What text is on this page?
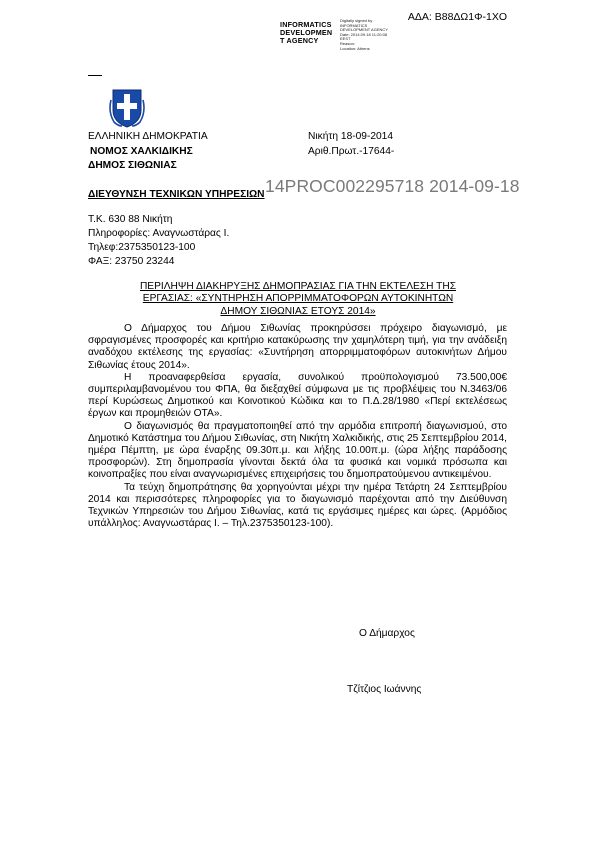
ΑΔΑ: Β88ΔΩ1Φ-1ΧΟ
INFORMATICS
DEVELOPMEN
T AGENCY
Digitally signed by
INFORMATICS
DEVELOPMENT AGENCY
Date: 2014.09.18 11:20:08
EEST
Reason:
Location: Athens
ΕΛΛΗΝΙΚΗ ΔΗΜΟΚΡΑΤΙΑ
ΝΟΜΟΣ ΧΑΛΚΙΔΙΚΗΣ
ΔΗΜΟΣ ΣΙΘΩΝΙΑΣ
ΔΙΕΥΘΥΝΣΗ ΤΕΧΝΙΚΩΝ ΥΠΗΡΕΣΙΩΝ
Νικήτη 18-09-2014
Αριθ.Πρωτ.-17644-
14PROC002295718 2014-09-18
Τ.Κ. 630 88 Νικήτη
Πληροφορίες: Αναγνωστάρας Ι.
Τηλεφ:2375350123-100
ΦΑΞ: 23750 23244
ΠΕΡΙΛΗΨΗ ΔΙΑΚΗΡΥΞΗΣ ΔΗΜΟΠΡΑΣΙΑΣ ΓΙΑ ΤΗΝ ΕΚΤΕΛΕΣΗ ΤΗΣ
ΕΡΓΑΣΙΑΣ: «ΣΥΝΤΗΡΗΣΗ ΑΠΟΡΡΙΜΜΑΤΟΦΟΡΩΝ ΑΥΤΟΚΙΝΗΤΩΝ
ΔΗΜΟΥ ΣΙΘΩΝΙΑΣ ΕΤΟΥΣ 2014»

Ο Δήμαρχος του Δήμου Σιθωνίας προκηρύσσει πρόχειρο διαγωνισμό, με σφραγισμένες προσφορές και κριτήριο κατακύρωσης την χαμηλότερη τιμή, για την ανάδειξη αναδόχου εκτέλεσης της εργασίας: «Συντήρηση απορριμματοφόρων αυτοκινήτων Δήμου Σιθωνίας έτους 2014».

Η προαναφερθείσα εργασία, συνολικού προϋπολογισμού 73.500,00€ συμπεριλαμβανομένου του ΦΠΑ, θα διεξαχθεί σύμφωνα με τις προβλέψεις του Ν.3463/06 περί Κυρώσεως Δημοτικού και Κοινοτικού Κώδικα και το Π.Δ.28/1980 «Περί εκτελέσεως έργων και προμηθειών ΟΤΑ».

Ο διαγωνισμός θα πραγματοποιηθεί από την αρμόδια επιτροπή διαγωνισμού, στο Δημοτικό Κατάστημα του Δήμου Σιθωνίας, στη Νικήτη Χαλκιδικής, στις 25 Σεπτεμβρίου 2014, ημέρα Πέμπτη, με ώρα έναρξης 09.30π.μ. και λήξης 10.00π.μ. (ώρα λήξης παράδοσης προσφορών). Στη δημοπρασία γίνονται δεκτά όλα τα φυσικά και νομικά πρόσωπα και κοινοπραξίες που είναι αναγνωρισμένες επιχειρήσεις του δημοπρατούμενου αντικειμένου.

Τα τεύχη δημοπράτησης θα χορηγούνται μέχρι την ημέρα Τετάρτη 24 Σεπτεμβρίου 2014 και περισσότερες πληροφορίες για το διαγωνισμό παρέχονται από την Διεύθυνση Τεχνικών Υπηρεσιών του Δήμου Σιθωνίας, κατά τις εργάσιμες ημέρες και ώρες. (Αρμόδιος υπάλληλος: Αναγνωστάρας Ι. – Τηλ.2375350123-100).

Ο Δήμαρχος
Τζίτζιος Ιωάννης
